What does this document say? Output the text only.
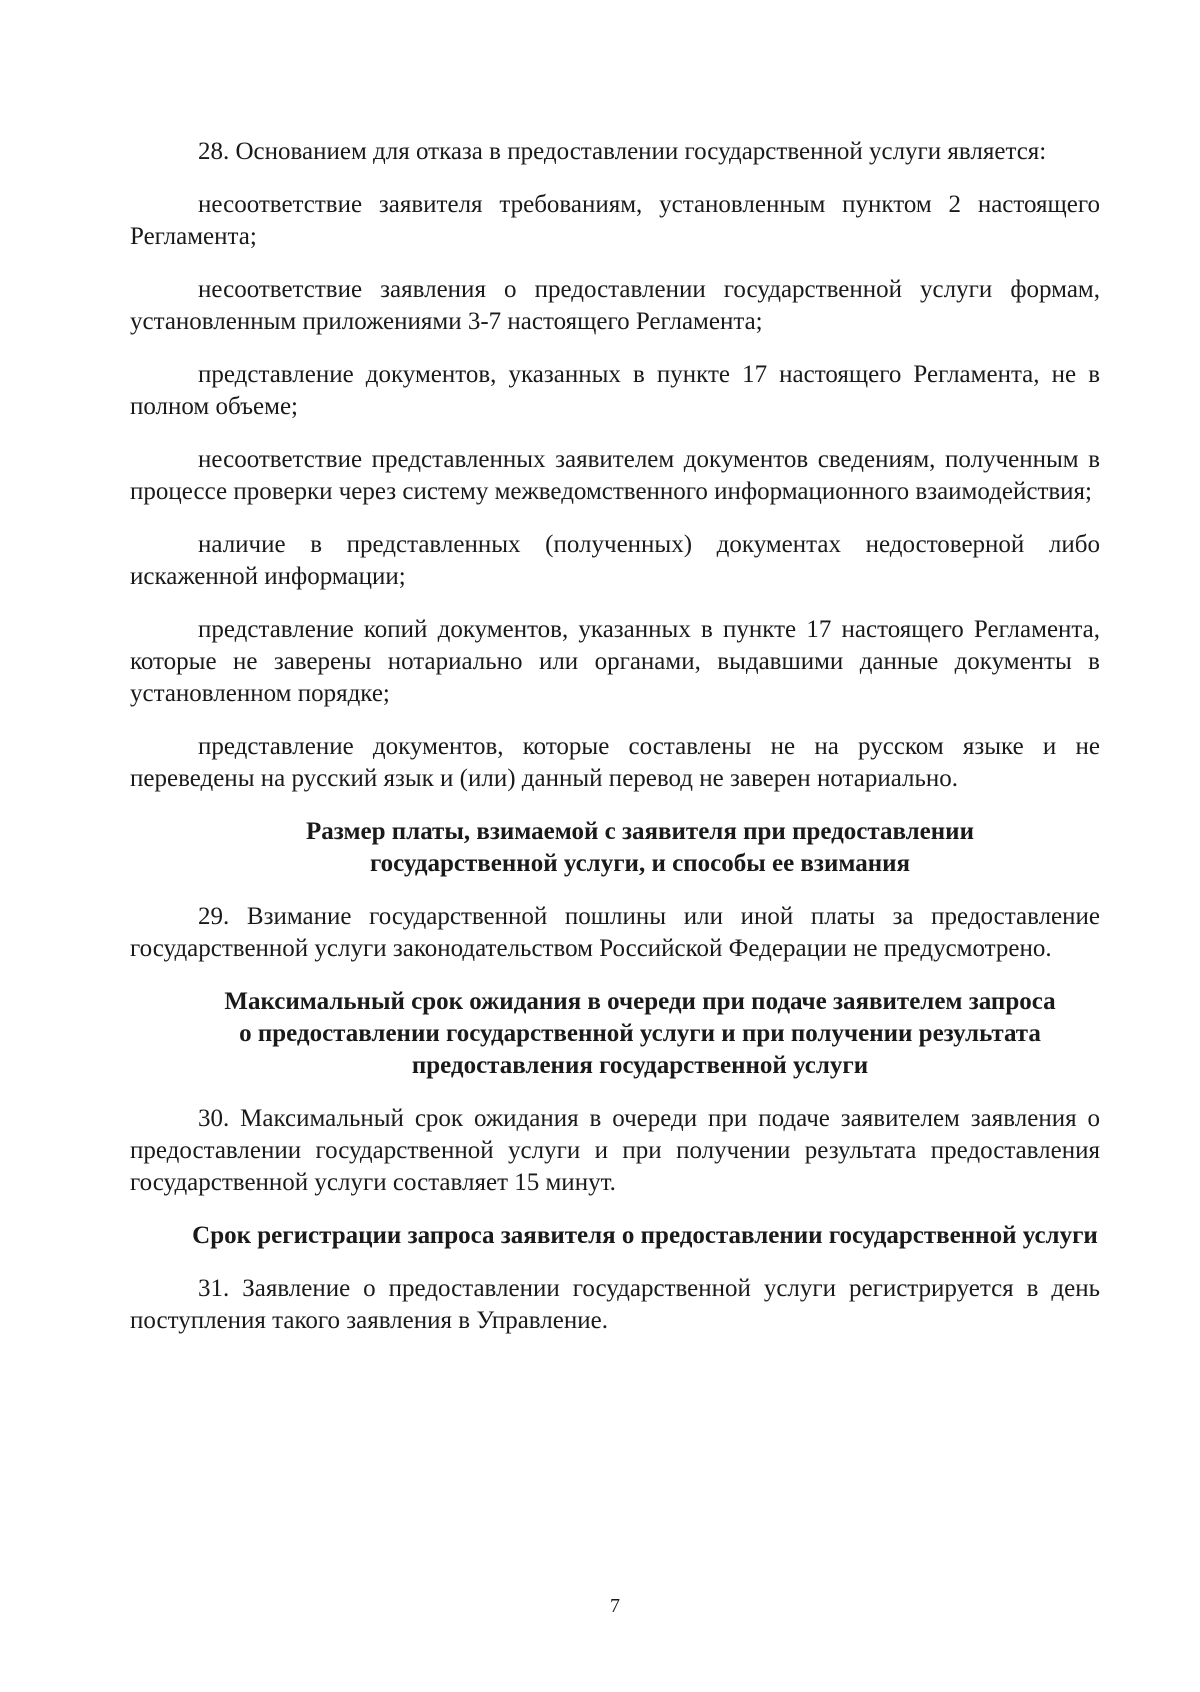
28. Основанием для отказа в предоставлении государственной услуги является:

несоответствие заявителя требованиям, установленным пунктом 2 настоящего Регламента;

несоответствие заявления о предоставлении государственной услуги формам, установленным приложениями 3-7 настоящего Регламента;

представление документов, указанных в пункте 17 настоящего Регламента, не в полном объеме;

несоответствие представленных заявителем документов сведениям, полученным в процессе проверки через систему межведомственного информационного взаимодействия;

наличие в представленных (полученных) документах недостоверной либо искаженной информации;

представление копий документов, указанных в пункте 17 настоящего Регламента, которые не заверены нотариально или органами, выдавшими данные документы в установленном порядке;

представление документов, которые составлены не на русском языке и не переведены на русский язык и (или) данный перевод не заверен нотариально.

Размер платы, взимаемой с заявителя при предоставлении государственной услуги, и способы ее взимания

29. Взимание государственной пошлины или иной платы за предоставление государственной услуги законодательством Российской Федерации не предусмотрено.

Максимальный срок ожидания в очереди при подаче заявителем запроса о предоставлении государственной услуги и при получении результата предоставления государственной услуги

30. Максимальный срок ожидания в очереди при подаче заявителем заявления о предоставлении государственной услуги и при получении результата предоставления государственной услуги составляет 15 минут.

Срок регистрации запроса заявителя о предоставлении государственной услуги

31. Заявление о предоставлении государственной услуги регистрируется в день поступления такого заявления в Управление.

7
